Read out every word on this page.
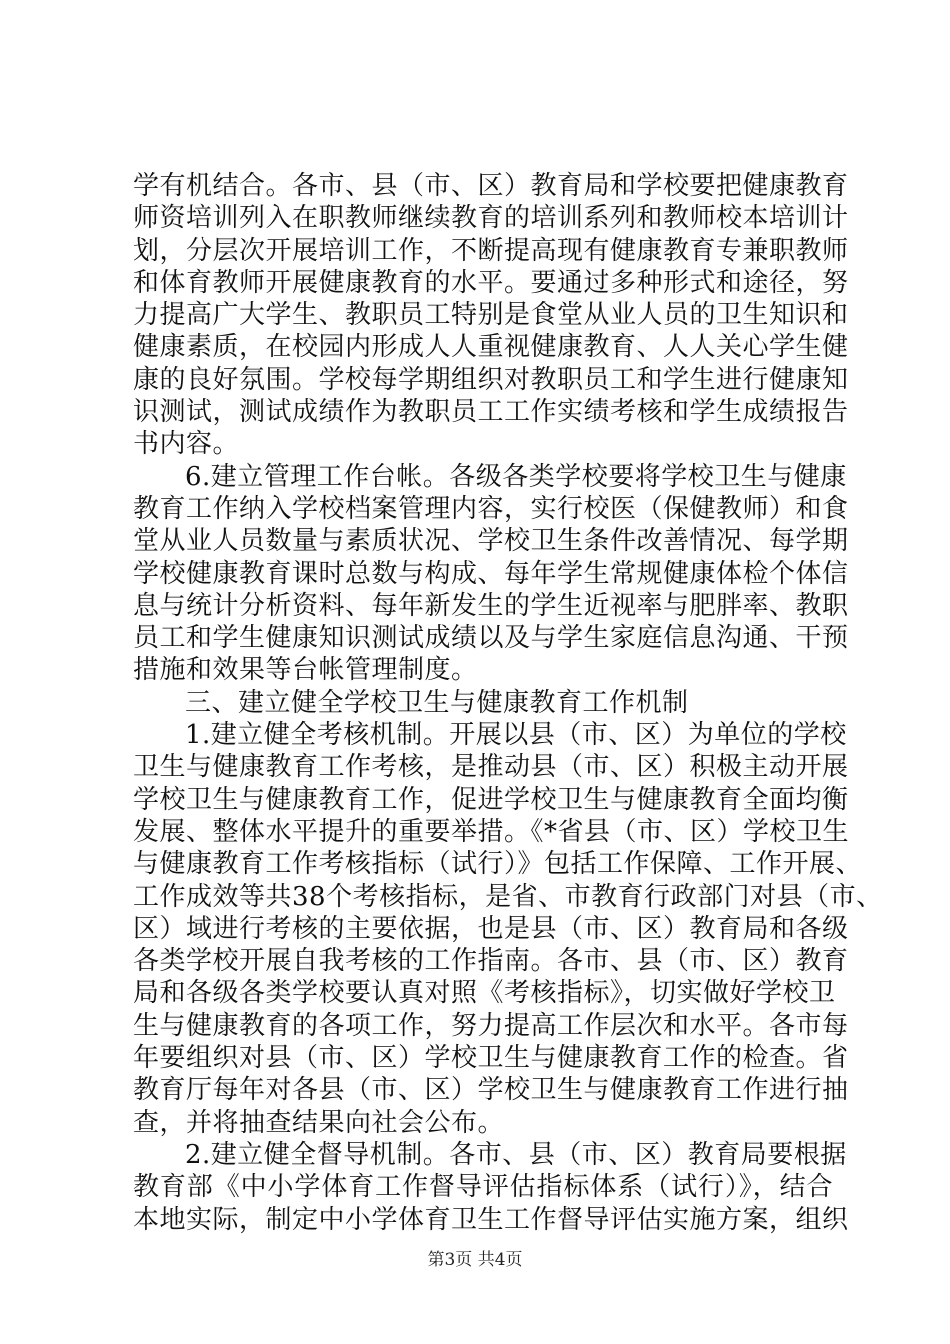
学有机结合。各市、县（市、区）教育局和学校要把健康教育
师资培训列入在职教师继续教育的培训系列和教师校本培训计
划，分层次开展培训工作，不断提高现有健康教育专兼职教师
和体育教师开展健康教育的水平。要通过多种形式和途径，努
力提高广大学生、教职员工特别是食堂从业人员的卫生知识和
健康素质，在校园内形成人人重视健康教育、人人关心学生健
康的良好氛围。学校每学期组织对教职员工和学生进行健康知
识测试，测试成绩作为教职员工工作实绩考核和学生成绩报告
书内容。
6.建立管理工作台帐。各级各类学校要将学校卫生与健康
教育工作纳入学校档案管理内容，实行校医（保健教师）和食
堂从业人员数量与素质状况、学校卫生条件改善情况、每学期
学校健康教育课时总数与构成、每年学生常规健康体检个体信
息与统计分析资料、每年新发生的学生近视率与肥胖率、教职
员工和学生健康知识测试成绩以及与学生家庭信息沟通、干预
措施和效果等台帐管理制度。
三、建立健全学校卫生与健康教育工作机制
1.建立健全考核机制。开展以县（市、区）为单位的学校
卫生与健康教育工作考核，是推动县（市、区）积极主动开展
学校卫生与健康教育工作，促进学校卫生与健康教育全面均衡
发展、整体水平提升的重要举措。《*省县（市、区）学校卫生
与健康教育工作考核指标（试行）》包括工作保障、工作开展、
工作成效等共38个考核指标，是省、市教育行政部门对县（市、
区）域进行考核的主要依据，也是县（市、区）教育局和各级
各类学校开展自我考核的工作指南。各市、县（市、区）教育
局和各级各类学校要认真对照《考核指标》，切实做好学校卫
生与健康教育的各项工作，努力提高工作层次和水平。各市每
年要组织对县（市、区）学校卫生与健康教育工作的检查。省
教育厅每年对各县（市、区）学校卫生与健康教育工作进行抽
查，并将抽查结果向社会公布。
2.建立健全督导机制。各市、县（市、区）教育局要根据
教育部《中小学体育工作督导评估指标体系（试行）》，结合
本地实际，制定中小学体育卫生工作督导评估实施方案，组织
第3页 共4页
